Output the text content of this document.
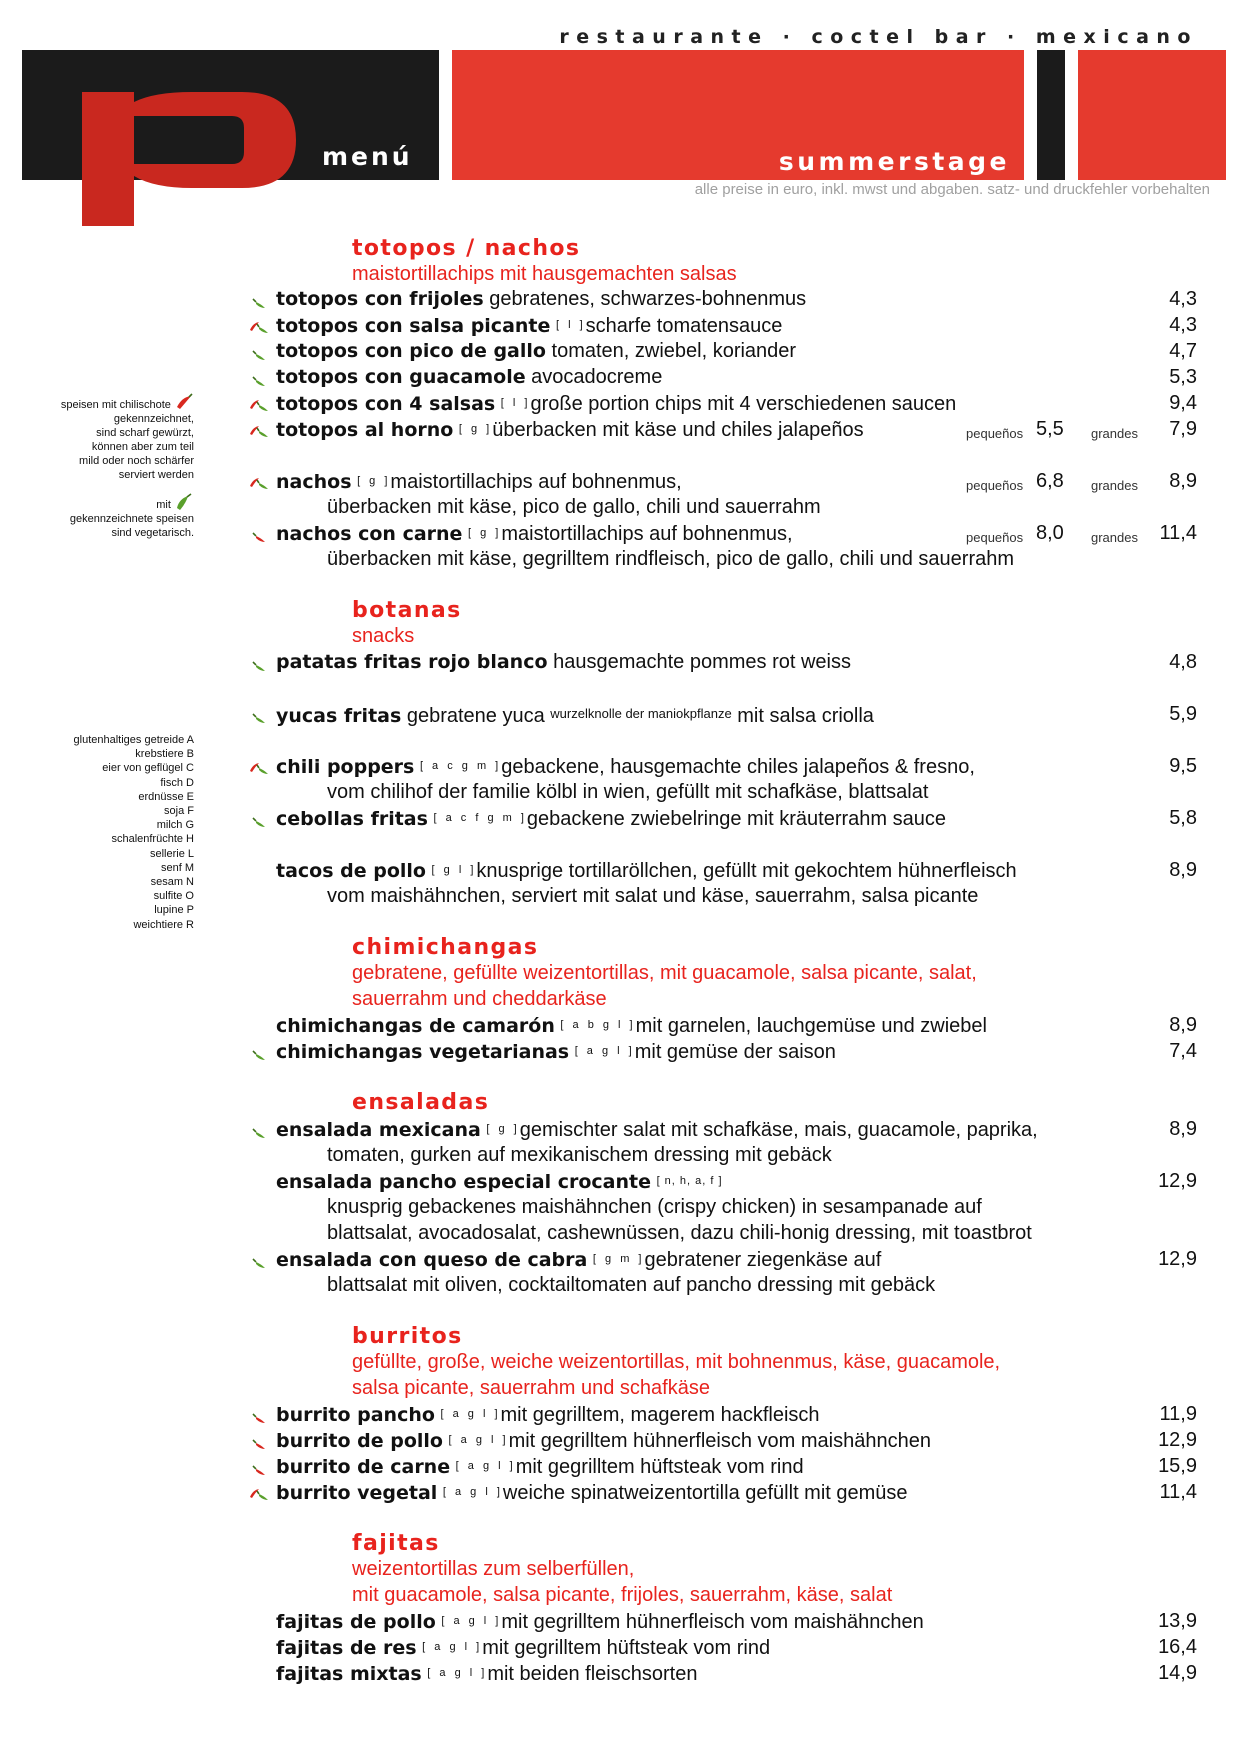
restaurante · coctel bar · mexicano
menú	summerstage
alle preise in euro, inkl. mwst und abgaben. satz- und druckfehler vorbehalten
speisen mit chilischote
gekennzeichnet,
sind scharf gewürzt,
können aber zum teil
mild oder noch schärfer
serviert werden
mit
gekennzeichnete speisen
sind vegetarisch.
glutenhaltiges getreide A
krebstiere B
eier von geflügel C
fisch D
erdnüsse E
soja F
milch G
schalenfrüchte H
sellerie L
senf M
sesam N
sulfite O
lupine P
weichtiere R
totopos / nachos
maistortillachips mit hausgemachten salsas
totopos con frijoles gebratenes, schwarzes-bohnenmus	4,3
totopos con salsa picante [ l ]scharfe tomatensauce	4,3
totopos con pico de gallo tomaten, zwiebel, koriander	4,7
totopos con guacamole avocadocreme	5,3
totopos con 4 salsas [ l ]große portion chips mit 4 verschiedenen saucen	9,4
totopos al horno [ g ]überbacken mit käse und chiles jalapeños	pequeños 5,5 grandes 7,9
nachos [ g ]maistortillachips auf bohnenmus,	pequeños 6,8 grandes 8,9
überbacken mit käse, pico de gallo, chili und sauerrahm
nachos con carne [ g ]maistortillachips auf bohnenmus,	pequeños 8,0 grandes 11,4
überbacken mit käse, gegrilltem rindfleisch, pico de gallo, chili und sauerrahm
botanas
snacks
patatas fritas rojo blanco hausgemachte pommes rot weiss	4,8
yucas fritas gebratene yuca $^{wurzelknolle der maniokpflanze}$ mit salsa criolla	5,9
chili poppers [ a c g m ]gebackene, hausgemachte chiles jalapeños & fresno,	9,5
vom chilihof der familie kölbl in wien, gefüllt mit schafkäse, blattsalat
cebollas fritas [ a c f g m ]gebackene zwiebelringe mit kräuterrahm sauce	5,8
tacos de pollo [ g l ]knusprige tortillaröllchen, gefüllt mit gekochtem hühnerfleisch	8,9
vom maishähnchen, serviert mit salat und käse, sauerrahm, salsa picante
chimichangas
gebratene, gefüllte weizentortillas, mit guacamole, salsa picante, salat,
sauerrahm und cheddarkäse
chimichangas de camarón [ a b g l ]mit garnelen, lauchgemüse und zwiebel	8,9
chimichangas vegetarianas [ a g l ]mit gemüse der saison	7,4
ensaladas
ensalada mexicana [ g ]gemischter salat mit schafkäse, mais, guacamole, paprika,	8,9
tomaten, gurken auf mexikanischem dressing mit gebäck
ensalada pancho especial crocante [ n, h, a, f ]	12,9
knusprig gebackenes maishähnchen (crispy chicken) in sesampanade auf
blattsalat, avocadosalat, cashewnüssen, dazu chili-honig dressing, mit toastbrot
ensalada con queso de cabra [ g m ]gebratener ziegenkäse auf	12,9
blattsalat mit oliven, cocktailtomaten auf pancho dressing mit gebäck
burritos
gefüllte, große, weiche weizentortillas, mit bohnenmus, käse, guacamole,
salsa picante, sauerrahm und schafkäse
burrito pancho [ a g l ]mit gegrilltem, magerem hackfleisch	11,9
burrito de pollo [ a g l ]mit gegrilltem hühnerfleisch vom maishähnchen	12,9
burrito de carne [ a g l ]mit gegrilltem hüftsteak vom rind	15,9
burrito vegetal [ a g l ]weiche spinatweizentortilla gefüllt mit gemüse	11,4
fajitas
weizentortillas zum selberfüllen,
mit guacamole, salsa picante, frijoles, sauerrahm, käse, salat
fajitas de pollo [ a g l ]mit gegrilltem hühnerfleisch vom maishähnchen	13,9
fajitas de res [ a g l ]mit gegrilltem hüftsteak vom rind	16,4
fajitas mixtas [ a g l ]mit beiden fleischsorten	14,9
